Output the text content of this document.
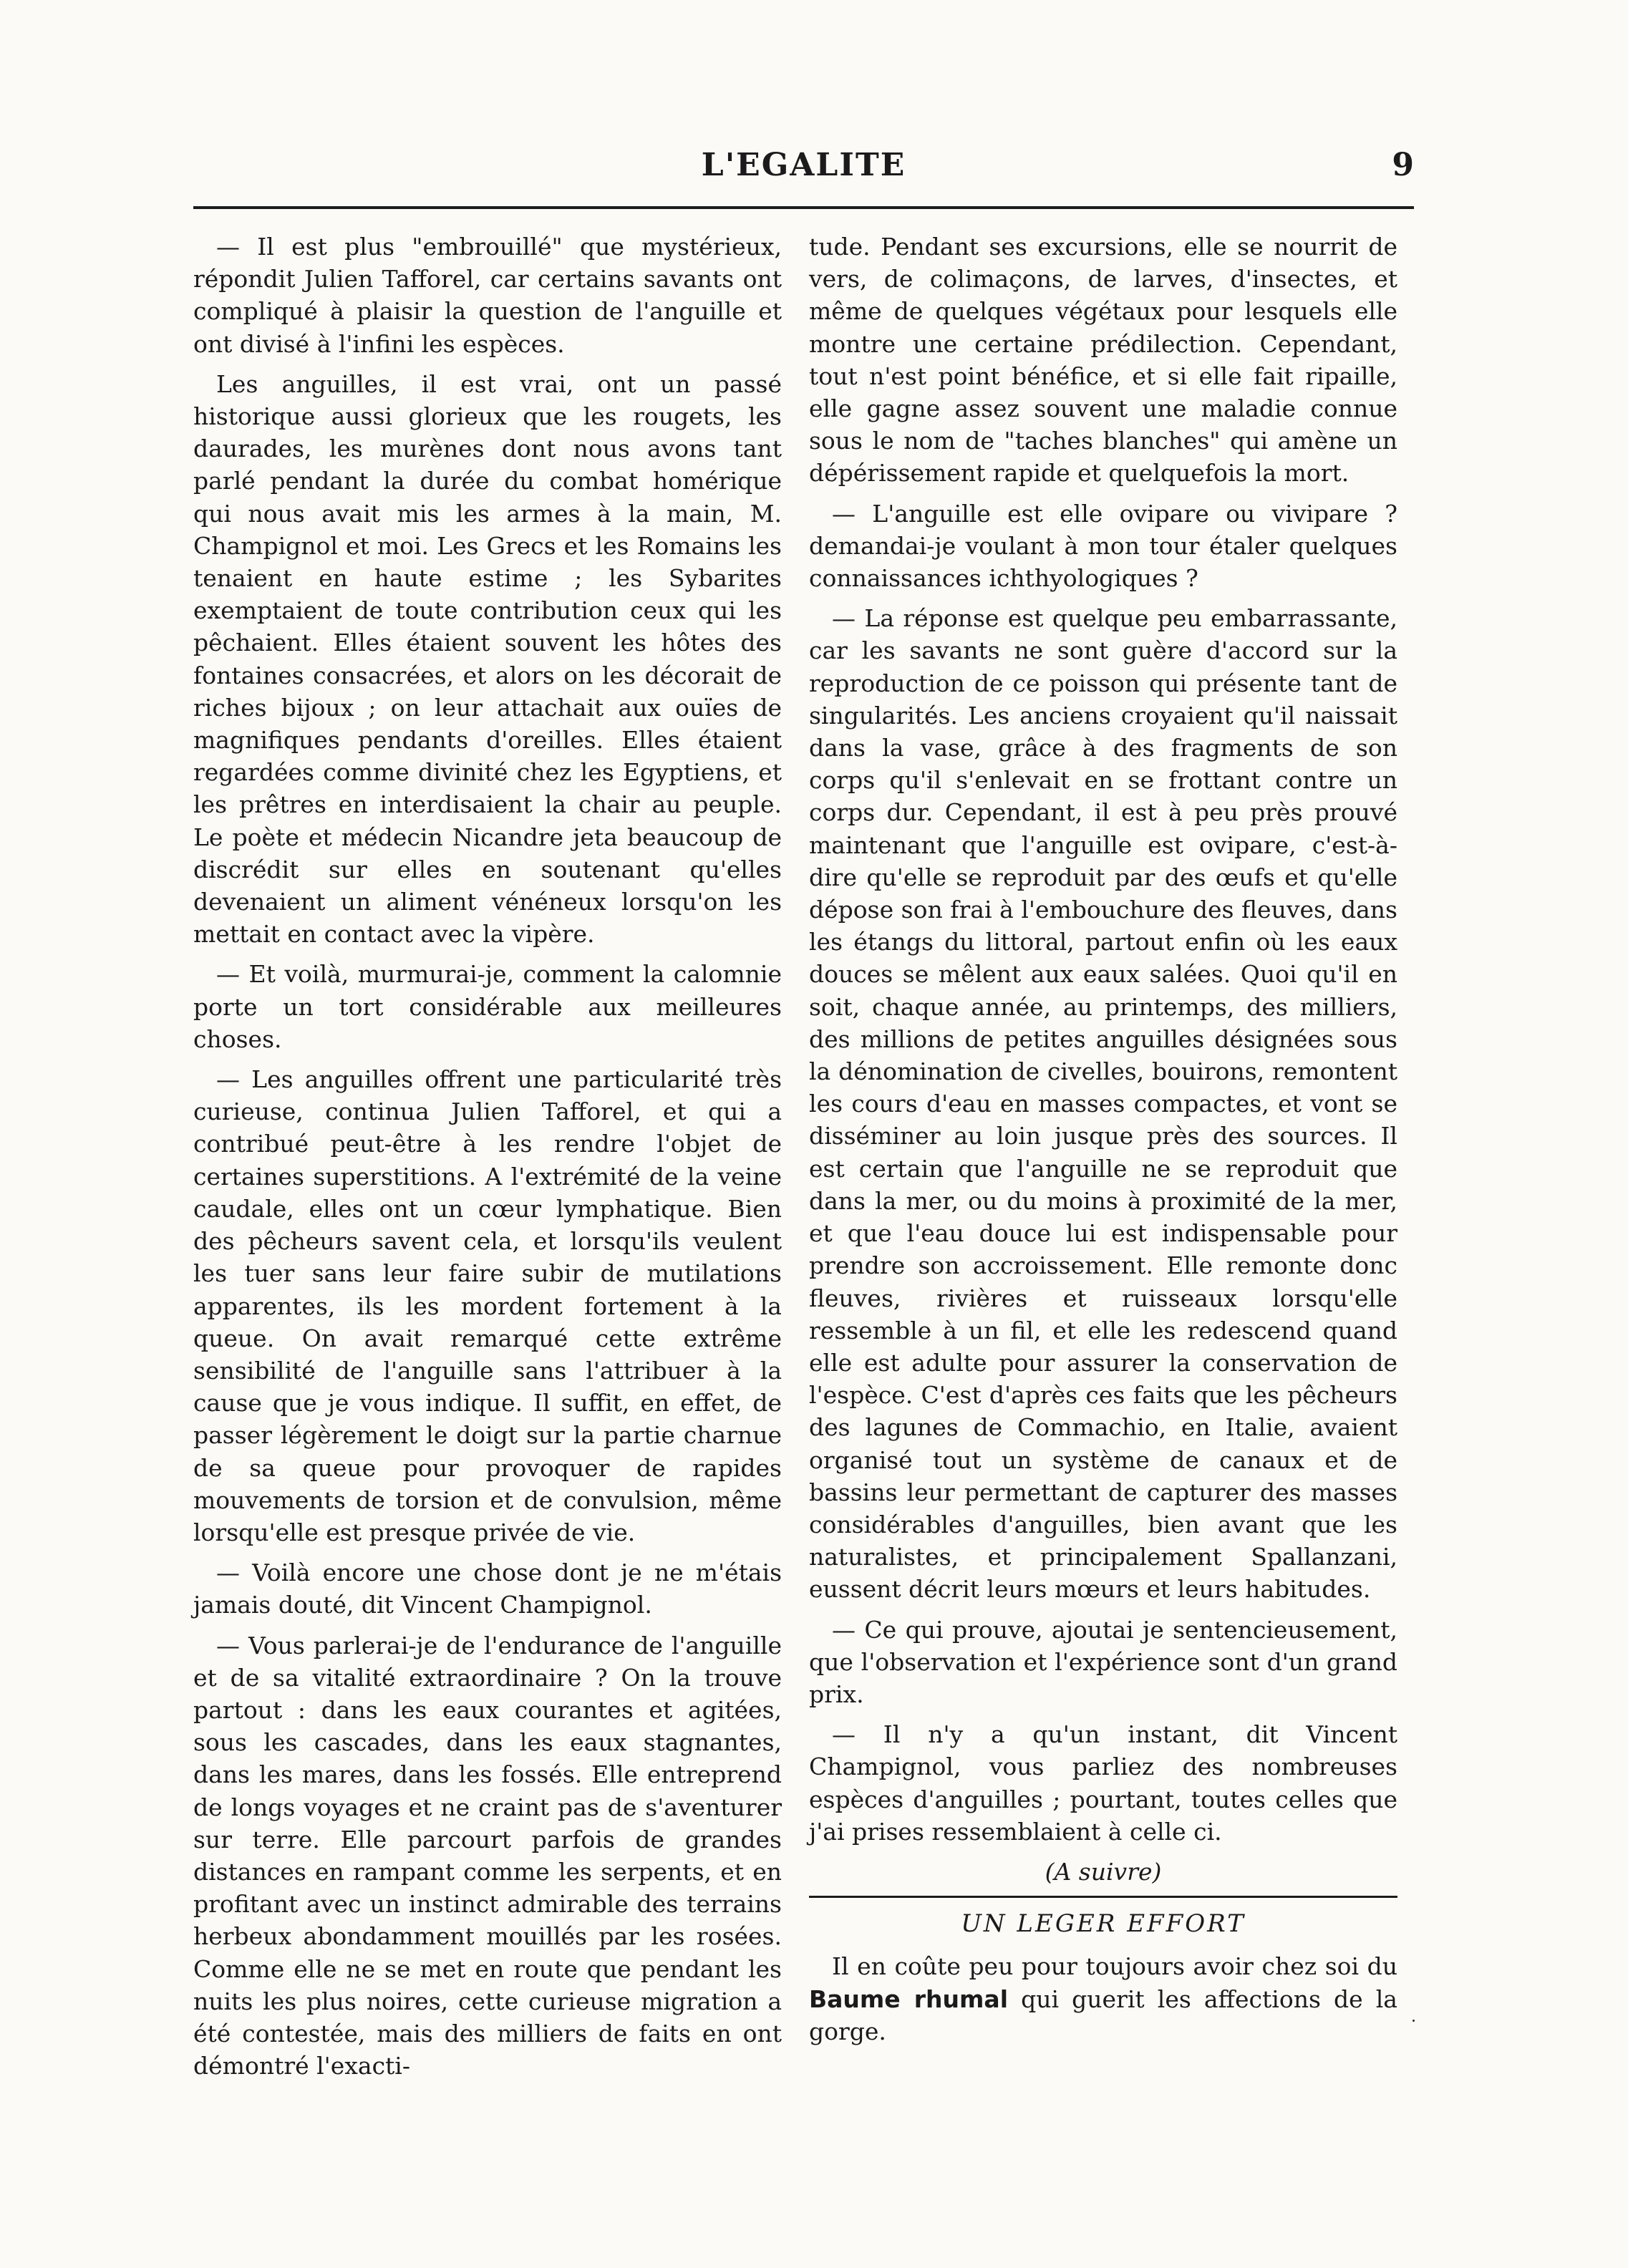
L'EGALITE	9

— Il est plus "embrouillé" que mystérieux, répondit Julien Tafforel, car certains savants ont compliqué à plaisir la question de l'anguille et ont divisé à l'infini les espèces.

Les anguilles, il est vrai, ont un passé historique aussi glorieux que les rougets, les daurades, les murènes dont nous avons tant parlé pendant la durée du combat homérique qui nous avait mis les armes à la main, M. Champignol et moi. Les Grecs et les Romains les tenaient en haute estime ; les Sybarites exemptaient de toute contribution ceux qui les pêchaient. Elles étaient souvent les hôtes des fontaines consacrées, et alors on les décorait de riches bijoux ; on leur attachait aux ouïes de magnifiques pendants d'oreilles. Elles étaient regardées comme divinité chez les Egyptiens, et les prêtres en interdisaient la chair au peuple. Le poète et médecin Nicandre jeta beaucoup de discrédit sur elles en soutenant qu'elles devenaient un aliment vénéneux lorsqu'on les mettait en contact avec la vipère.

— Et voilà, murmurai-je, comment la calomnie porte un tort considérable aux meilleures choses.

— Les anguilles offrent une particularité très curieuse, continua Julien Tafforel, et qui a contribué peut-être à les rendre l'objet de certaines superstitions. A l'extrémité de la veine caudale, elles ont un cœur lymphatique. Bien des pêcheurs savent cela, et lorsqu'ils veulent les tuer sans leur faire subir de mutilations apparentes, ils les mordent fortement à la queue. On avait remarqué cette extrême sensibilité de l'anguille sans l'attribuer à la cause que je vous indique. Il suffit, en effet, de passer légèrement le doigt sur la partie charnue de sa queue pour provoquer de rapides mouvements de torsion et de convulsion, même lorsqu'elle est presque privée de vie.

— Voilà encore une chose dont je ne m'étais jamais douté, dit Vincent Champignol.

— Vous parlerai-je de l'endurance de l'anguille et de sa vitalité extraordinaire ? On la trouve partout : dans les eaux courantes et agitées, sous les cascades, dans les eaux stagnantes, dans les mares, dans les fossés. Elle entreprend de longs voyages et ne craint pas de s'aventurer sur terre. Elle parcourt parfois de grandes distances en rampant comme les serpents, et en profitant avec un instinct admirable des terrains herbeux abondamment mouillés par les rosées. Comme elle ne se met en route que pendant les nuits les plus noires, cette curieuse migration a été contestée, mais des milliers de faits en ont démontré l'exacti-

tude. Pendant ses excursions, elle se nourrit de vers, de colimaçons, de larves, d'insectes, et même de quelques végétaux pour lesquels elle montre une certaine prédilection. Cependant, tout n'est point bénéfice, et si elle fait ripaille, elle gagne assez souvent une maladie connue sous le nom de "taches blanches" qui amène un dépérissement rapide et quelquefois la mort.

— L'anguille est elle ovipare ou vivipare ? demandai-je voulant à mon tour étaler quelques connaissances ichthyologiques ?

— La réponse est quelque peu embarrassante, car les savants ne sont guère d'accord sur la reproduction de ce poisson qui présente tant de singularités. Les anciens croyaient qu'il naissait dans la vase, grâce à des fragments de son corps qu'il s'enlevait en se frottant contre un corps dur. Cependant, il est à peu près prouvé maintenant que l'anguille est ovipare, c'est-à-dire qu'elle se reproduit par des œufs et qu'elle dépose son frai à l'embouchure des fleuves, dans les étangs du littoral, partout enfin où les eaux douces se mêlent aux eaux salées. Quoi qu'il en soit, chaque année, au printemps, des milliers, des millions de petites anguilles désignées sous la dénomination de civelles, bouirons, remontent les cours d'eau en masses compactes, et vont se disséminer au loin jusque près des sources. Il est certain que l'anguille ne se reproduit que dans la mer, ou du moins à proximité de la mer, et que l'eau douce lui est indispensable pour prendre son accroissement. Elle remonte donc fleuves, rivières et ruisseaux lorsqu'elle ressemble à un fil, et elle les redescend quand elle est adulte pour assurer la conservation de l'espèce. C'est d'après ces faits que les pêcheurs des lagunes de Commachio, en Italie, avaient organisé tout un système de canaux et de bassins leur permettant de capturer des masses considérables d'anguilles, bien avant que les naturalistes, et principalement Spallanzani, eussent décrit leurs mœurs et leurs habitudes.

— Ce qui prouve, ajoutai je sentencieusement, que l'observation et l'expérience sont d'un grand prix.

— Il n'y a qu'un instant, dit Vincent Champignol, vous parliez des nombreuses espèces d'anguilles ; pourtant, toutes celles que j'ai prises ressemblaient à celle ci.

(A suivre)

UN LEGER EFFORT

Il en coûte peu pour toujours avoir chez soi du Baume rhumal qui guerit les affections de la gorge.	˙
